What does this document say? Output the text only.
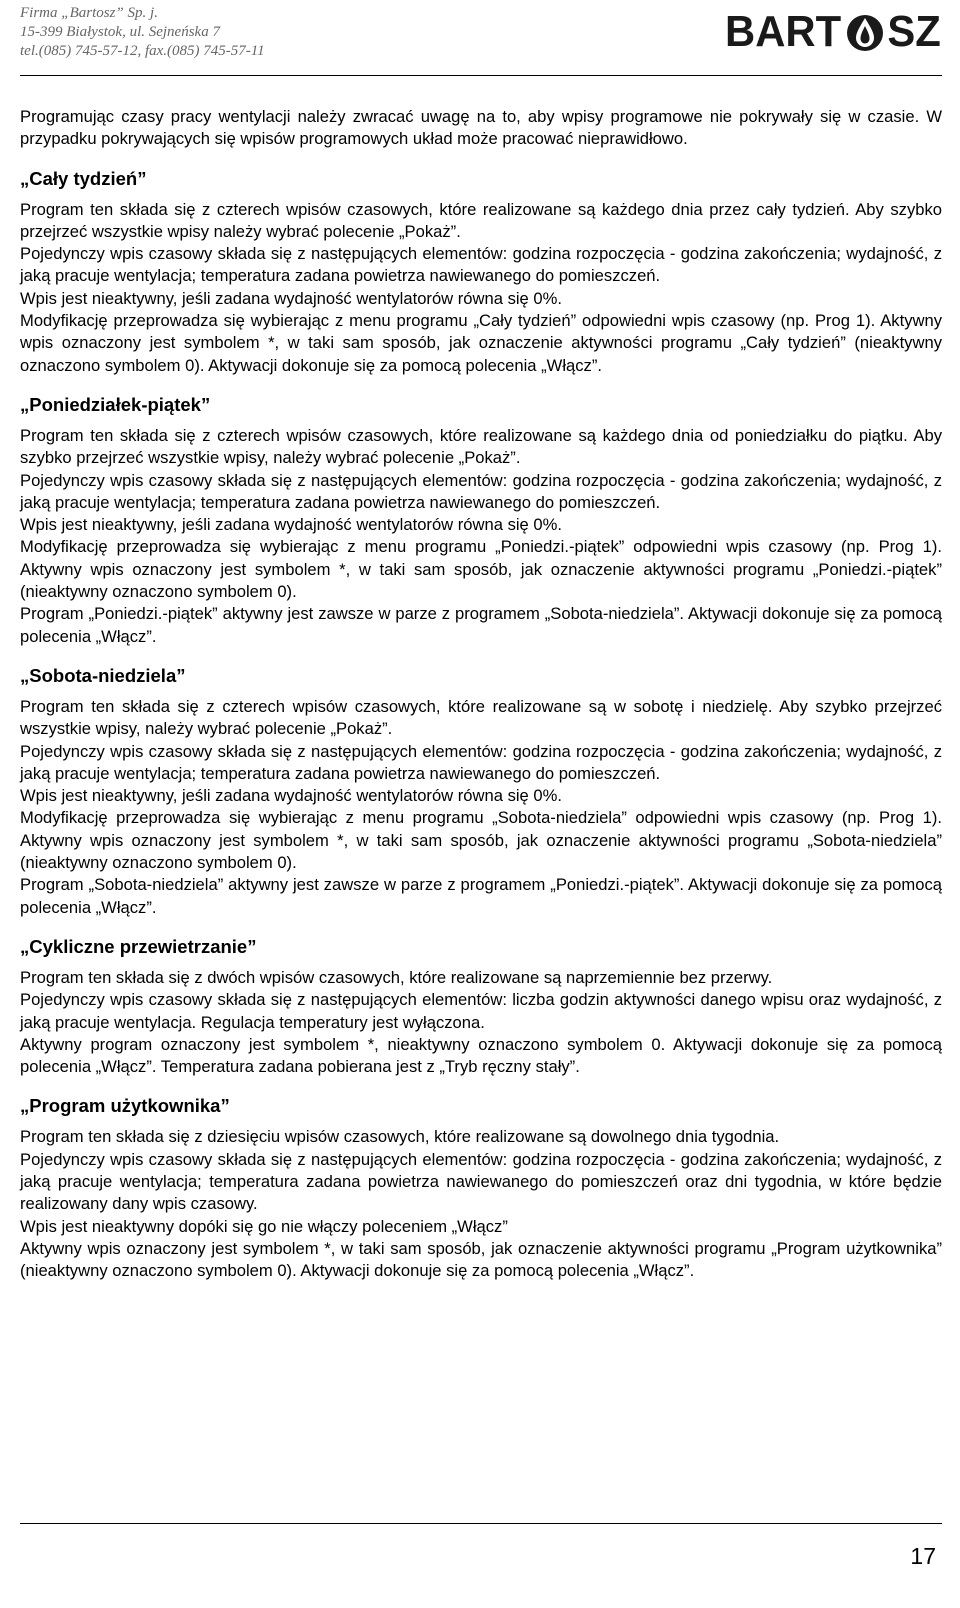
Firma „Bartosz” Sp. j.
15-399 Białystok, ul. Sejneńska 7
tel.(085) 745-57-12, fax.(085) 745-57-11	BART SZ

Programując czasy pracy wentylacji należy zwracać uwagę na to, aby wpisy programowe nie pokrywały się w czasie. W przypadku pokrywających się wpisów programowych układ może pracować nieprawidłowo.

„Cały tydzień”

Program ten składa się z czterech wpisów czasowych, które realizowane są każdego dnia przez cały tydzień. Aby szybko przejrzeć wszystkie wpisy należy wybrać polecenie „Pokaż”.

Pojedynczy wpis czasowy składa się z następujących elementów: godzina rozpoczęcia - godzina zakończenia; wydajność, z jaką pracuje wentylacja; temperatura zadana powietrza nawiewanego do pomieszczeń.

Wpis jest nieaktywny, jeśli zadana wydajność wentylatorów równa się 0%.

Modyfikację przeprowadza się wybierając z menu programu „Cały tydzień” odpowiedni wpis czasowy (np. Prog 1). Aktywny wpis oznaczony jest symbolem *, w taki sam sposób, jak oznaczenie aktywności programu „Cały tydzień” (nieaktywny oznaczono symbolem 0). Aktywacji dokonuje się za pomocą polecenia „Włącz”.

„Poniedziałek-piątek”

Program ten składa się z czterech wpisów czasowych, które realizowane są każdego dnia od poniedziałku do piątku. Aby szybko przejrzeć wszystkie wpisy, należy wybrać polecenie „Pokaż”.

Pojedynczy wpis czasowy składa się z następujących elementów: godzina rozpoczęcia - godzina zakończenia; wydajność, z jaką pracuje wentylacja; temperatura zadana powietrza nawiewanego do pomieszczeń.

Wpis jest nieaktywny, jeśli zadana wydajność wentylatorów równa się 0%.

Modyfikację przeprowadza się wybierając z menu programu „Poniedzi.-piątek” odpowiedni wpis czasowy (np. Prog 1). Aktywny wpis oznaczony jest symbolem *, w taki sam sposób, jak oznaczenie aktywności programu „Poniedzi.-piątek” (nieaktywny oznaczono symbolem 0).

Program „Poniedzi.-piątek” aktywny jest zawsze w parze z programem „Sobota-niedziela”. Aktywacji dokonuje się za pomocą polecenia „Włącz”.

„Sobota-niedziela”

Program ten składa się z czterech wpisów czasowych, które realizowane są w sobotę i niedzielę. Aby szybko przejrzeć wszystkie wpisy, należy wybrać polecenie „Pokaż”.

Pojedynczy wpis czasowy składa się z następujących elementów: godzina rozpoczęcia - godzina zakończenia; wydajność, z jaką pracuje wentylacja; temperatura zadana powietrza nawiewanego do pomieszczeń.

Wpis jest nieaktywny, jeśli zadana wydajność wentylatorów równa się 0%.

Modyfikację przeprowadza się wybierając z menu programu „Sobota-niedziela” odpowiedni wpis czasowy (np. Prog 1). Aktywny wpis oznaczony jest symbolem *, w taki sam sposób, jak oznaczenie aktywności programu „Sobota-niedziela” (nieaktywny oznaczono symbolem 0).

Program „Sobota-niedziela” aktywny jest zawsze w parze z programem „Poniedzi.-piątek”. Aktywacji dokonuje się za pomocą polecenia „Włącz”.

„Cykliczne przewietrzanie”

Program ten składa się z dwóch wpisów czasowych, które realizowane są naprzemiennie bez przerwy.

Pojedynczy wpis czasowy składa się z następujących elementów: liczba godzin aktywności danego wpisu oraz wydajność, z jaką pracuje wentylacja. Regulacja temperatury jest wyłączona.

Aktywny program oznaczony jest symbolem *, nieaktywny oznaczono symbolem 0. Aktywacji dokonuje się za pomocą polecenia „Włącz”. Temperatura zadana pobierana jest z „Tryb ręczny stały”.

„Program użytkownika”

Program ten składa się z dziesięciu wpisów czasowych, które realizowane są dowolnego dnia tygodnia.

Pojedynczy wpis czasowy składa się z następujących elementów: godzina rozpoczęcia - godzina zakończenia; wydajność, z jaką pracuje wentylacja; temperatura zadana powietrza nawiewanego do pomieszczeń oraz dni tygodnia, w które będzie realizowany dany wpis czasowy.

Wpis jest nieaktywny dopóki się go nie włączy poleceniem „Włącz”

Aktywny wpis oznaczony jest symbolem *, w taki sam sposób, jak oznaczenie aktywności programu „Program użytkownika” (nieaktywny oznaczono symbolem 0). Aktywacji dokonuje się za pomocą polecenia „Włącz”.

17
